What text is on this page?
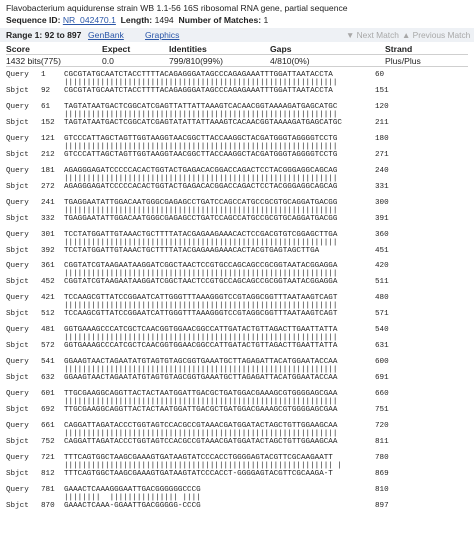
Flavobacterium aquidurense strain WB 1.1-56 16S ribosomal RNA gene, partial sequence
Sequence ID: NR_042470.1 Length: 1494 Number of Matches: 1
Range 1: 92 to 897 GenBank Graphics	▼ Next Match ▲ Previous Match
Score	Expect	Identities	Gaps	Strand
1432 bits(775)	0.0	799/810(99%)	4/810(0%)	Plus/Plus
Query	1 CGCGTATGCAATCTACCTTTTACAGAGGGATAGCCCAGAGAAATTTGGATTAATACCTA	60
||||||||||||||||||||||||||||||||||||||||||||||||||||||||||||
Sbjct	92 CGCGTATGCAATCTACCTTTTACAGAGGGATAGCCCAGAGAAATTTGGATTAATACCTA	151
Query	61 TAGTATAATGACTCGGCATCGAGTTATTATTAAAGTCACAACGGTAAAAGATGAGCATGC	120
||||||||||||||||||||||||||||||||||||||||||||||||||||||||||||
Sbjct	152 TAGTATAATGACTCGGCATCGAGTATATTATTAAAGTCACAACGGTAAAAGATGAGCATGC	211
Query	121 GTCCCATTAGCTAGTTGGTAAGGTAACGGCTTACCAAGGCTACGATGGGTAGGGGTCCTG	180
||||||||||||||||||||||||||||||||||||||||||||||||||||||||||||
Sbjct	212 GTCCCATTAGCTAGTTGGTAAGGTAACGGCTTACCAAGGCTACGATGGGTAGGGGTCCTG	271
Query	181 AGAGGGAGATCCCCCACACTGGTACTGAGACACGGACCAGACTCCTACGGGAGGCAGCAG	240
||||||||||||||||||||||||||||||||||||||||||||||||||||||||||||
Sbjct	272 AGAGGGAGATCCCCCACACTGGTACTGAGACACGGACCAGACTCCTACGGGAGGCAGCAG	331
Query	241 TGAGGAATATTGGACAATGGGCGAGAGCCTGATCCAGCCATGCCGCGTGCAGGATGACGG	300
||||||||||||||||||||||||||||||||||||||||||||||||||||||||||||
Sbjct	332 TGAGGAATATTGGACAATGGGCGAGAGCCTGATCCAGCCATGCCGCGTGCAGGATGACGG	391
Query	301 TCCTATGGATTGTAAACTGCTTTTATACGAGAAGAAACACTCCGACGTGTCGGAGCTTGA	360
||||||||||||||||||||||||||||||||||||||||||||||||||||||||||||
Sbjct	392 TCCTATGGATTGTAAACTGCTTTTATACGAGAAGAAACACTACGTGAGTAGCTTGA	451
Query	361 CGGTATCGTAAGAATAAGGATCGGCTAACTCCGTGCCAGCAGCCGCGGTAATACGGAGGA	420
||||||||||||||||||||||||||||||||||||||||||||||||||||||||||||
Sbjct	452 CGGTATCGTAAGAATAAGGATCGGCTAACTCCGTGCCAGCAGCCGCGGTAATACGGAGGA	511
Query	421 TCCAAGCGTTATCCGGAATCATTGGGTTTAAAGGGTCCGTAGGCGGTTTAATAAGTCAGT	480
||||||||||||||||||||||||||||||||||||||||||||||||||||||||||||
Sbjct	512 TCCAAGCGTTATCCGGAATCATTGGGTTTAAAGGGTCCGTAGGCGGTTTAATAAGTCAGT	571
Query	481 GGTGAAAGCCCATCGCTCAACGGTGGAACGGCCATTGATACTGTTAGACTTGAATTATTA	540
||||||||||||||||||||||||||||||||||||||||||||||||||||||||||||
Sbjct	572 GGTGAAAGCCCATCGCTCAACGGTGGAACGGCCATTGATACTGTTAGACTTGAATTATTA	631
Query	541 GGAAGTAACTAGAATATGTAGTGTAGCGGTGAAATGCTTAGAGATTACATGGAATACCAA	600
||||||||||||||||||||||||||||||||||||||||||||||||||||||||||||
Sbjct	632 GGAAGTAACTAGAATATGTAGTGTAGCGGTGAAATGCTTAGAGATTACATGGAATACCAA	691
Query	601 TTGCGAAGGCAGGTTACTACTAATGGATTGACGCTGATGGACGAAAGCGTGGGGAGCGAA	660
||||||||||||||||||||||||||||||||||||||||||||||||||||||||||||
Sbjct	692 TTGCGAAGGCAGGTTACTACTAATGGATTGACGCTGATGGACGAAAGCGTGGGGAGCGAA	751
Query	661 CAGGATTAGATACCCTGGTAGTCCACGCCGTAAACGATGGATACTAGCTGTTGGAAGCAA	720
||||||||||||||||||||||||||||||||||||||||||||||||||||||||||||
Sbjct	752 CAGGATTAGATACCCTGGTAGTCCACGCCGTAAACGATGGATACTAGCTGTTGGAAGCAA	811
Query	721 TTTCAGTGGCTAAGCGAAAGTGATAAGTATCCCACCTGGGGAGTACGTTCGCAAGAATT	780
||||||||||||||||||||||||||||||||||||||||||||||||||||||||||| |
Sbjct	812 TTTCAGTGGCTAAGCGAAAGTGATAAGTATCCCACCT-GGGGAGTACGTTCGCAAGA-T	869
Query	781 GAAACTCAAAGGGAATTGACGGGGGGCCCG	810
||||||||  ||||||||||||||| ||||
Sbjct	870 GAAACTCAAA-GGAATTGACGGGGG-CCCG	897
